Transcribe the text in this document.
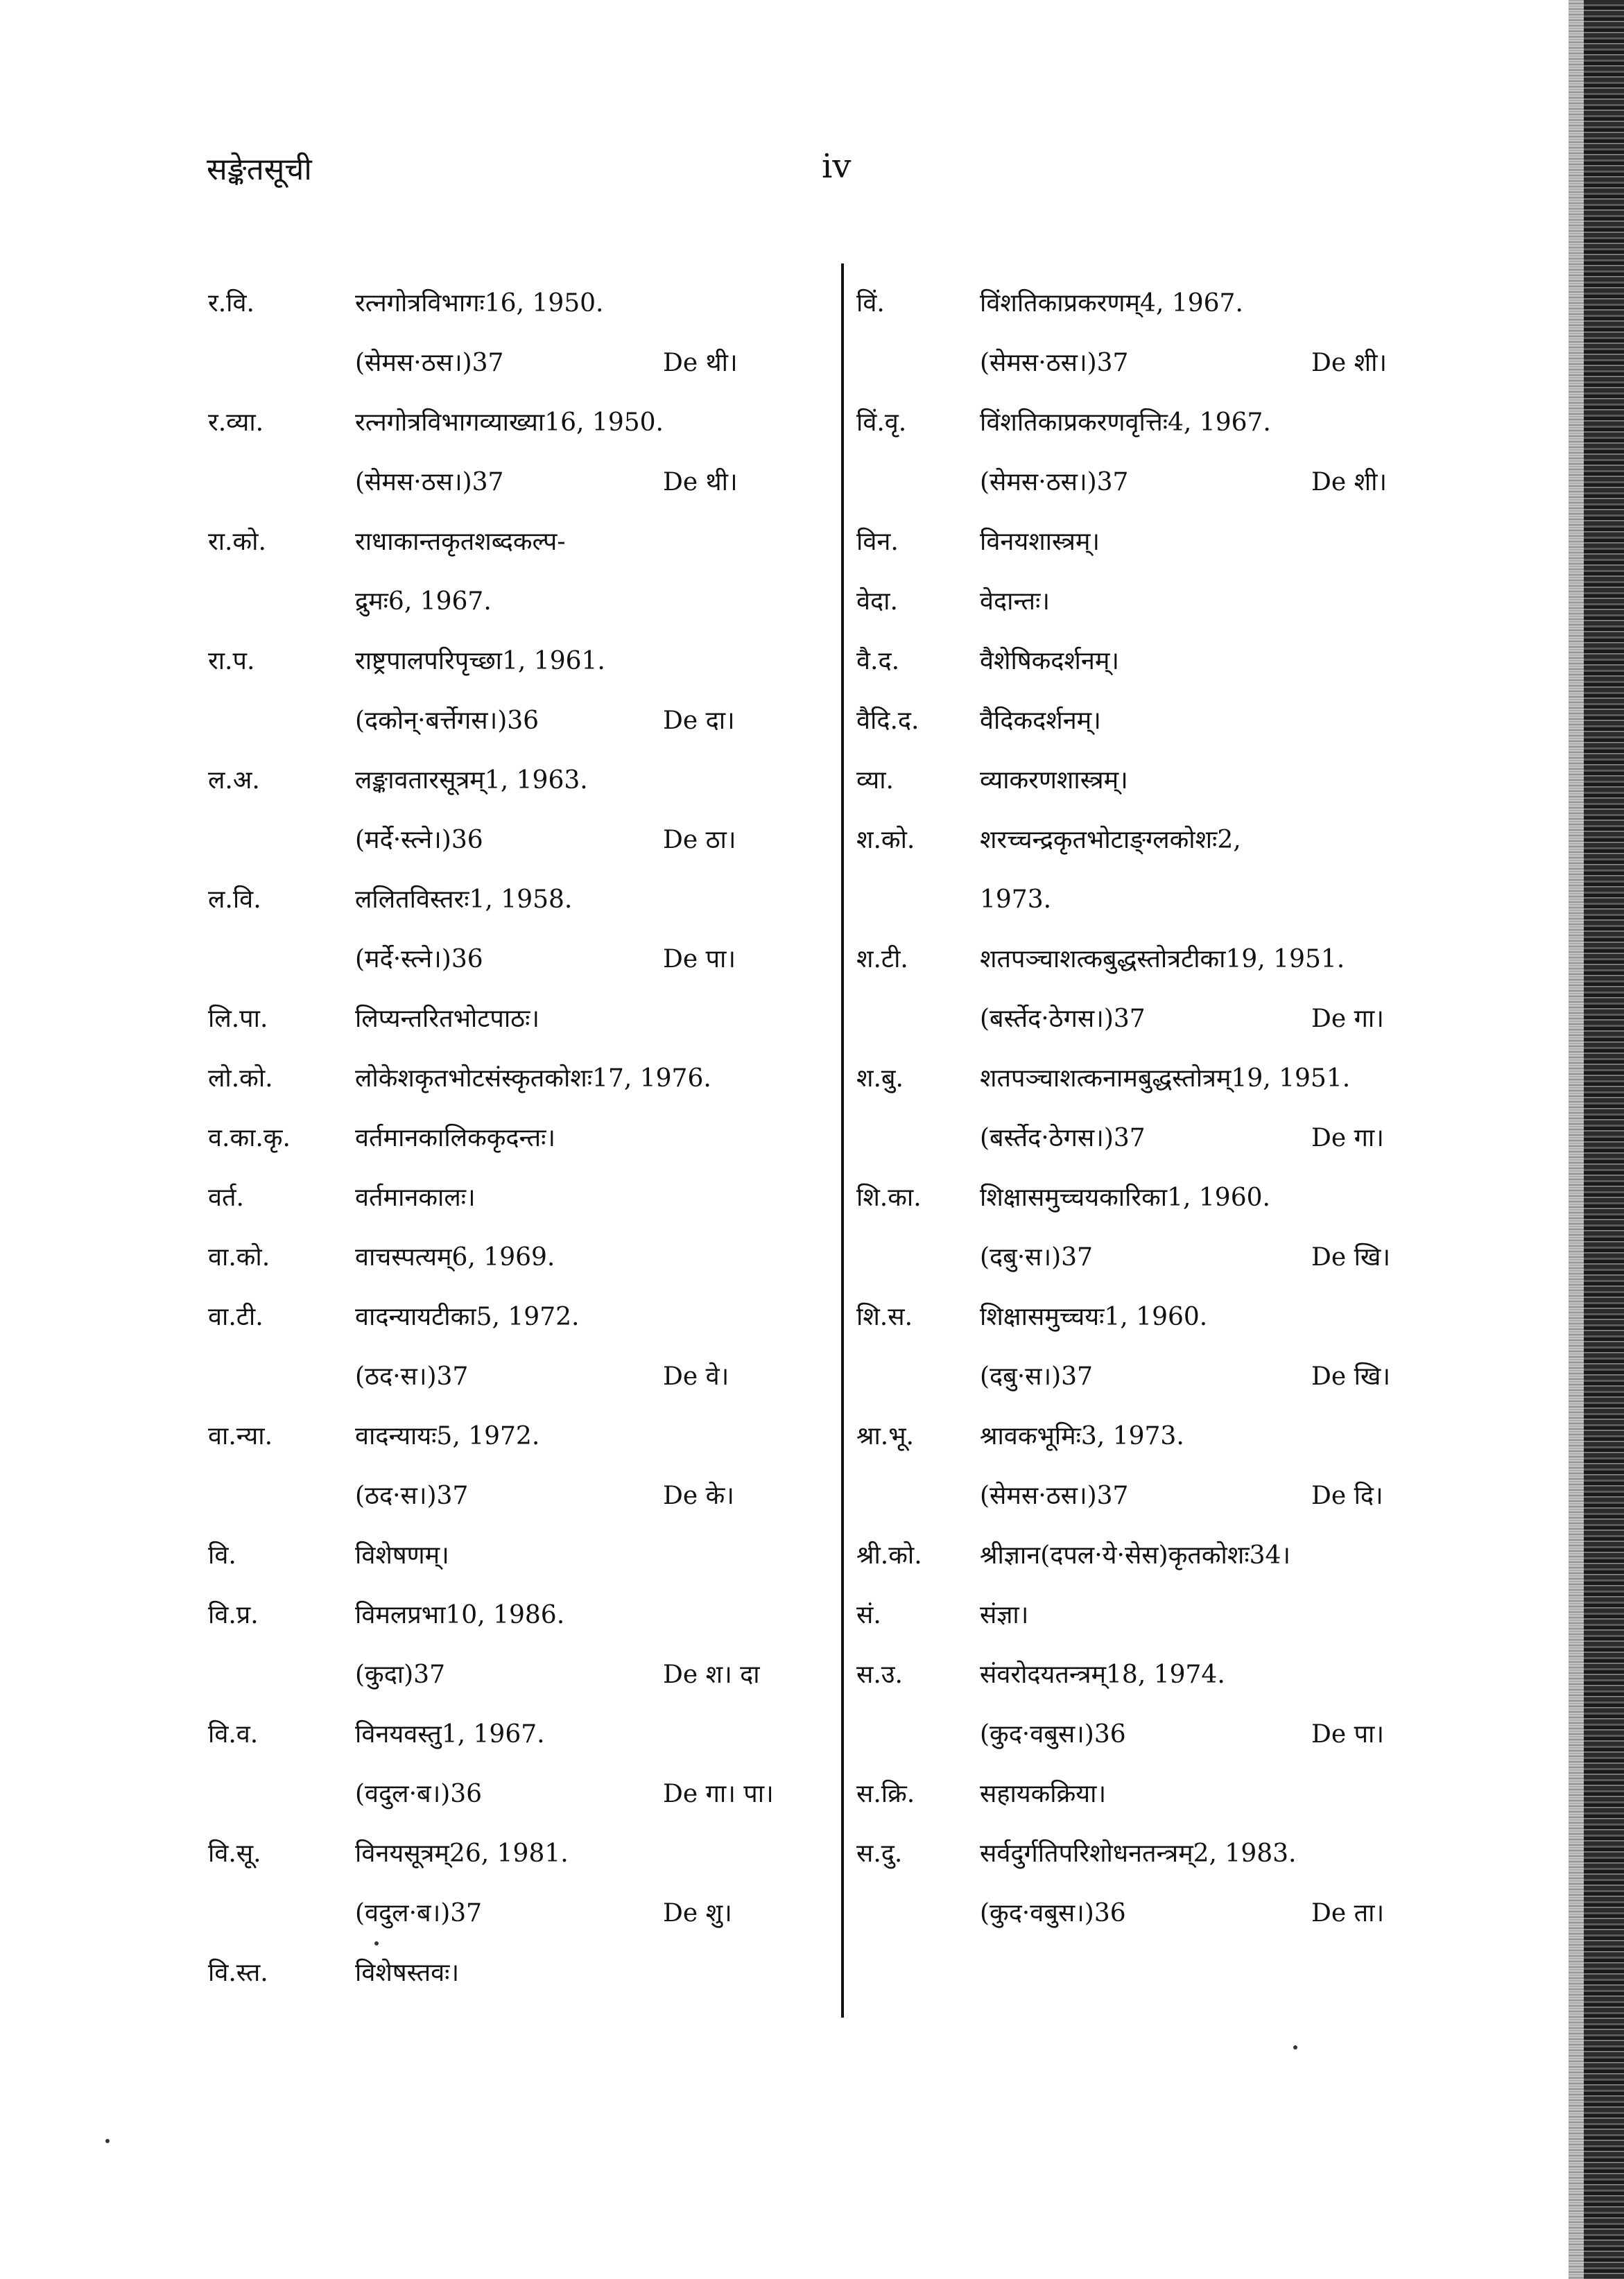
सङ्केतसूची	iv
र.वि.	रत्नगोत्रविभागः16, 1950.
(सेमस·ठस।)37	De थी।
र.व्या.	रत्नगोत्रविभागव्याख्या16, 1950.
(सेमस·ठस।)37	De थी।
रा.को.	राधाकान्तकृतशब्दकल्प-
द्रुमः6, 1967.
रा.प.	राष्ट्रपालपरिपृच्छा1, 1961.
(दकोन्·बर्त्तेगस।)36	De दा।
ल.अ.	लङ्कावतारसूत्रम्1, 1963.
(मर्दे·स्त्ने।)36	De ठा।
ल.वि.	ललितविस्तरः1, 1958.
(मर्दे·स्त्ने।)36	De पा।
लि.पा.	लिप्यन्तरितभोटपाठः।
लो.को.	लोकेशकृतभोटसंस्कृतकोशः17, 1976.
व.का.कृ.	वर्तमानकालिककृदन्तः।
वर्त.	वर्तमानकालः।
वा.को.	वाचस्पत्यम्6, 1969.
वा.टी.	वादन्यायटीका5, 1972.
(ठद·स।)37	De वे।
वा.न्या.	वादन्यायः5, 1972.
(ठद·स।)37	De के।
वि.	विशेषणम्।
वि.प्र.	विमलप्रभा10, 1986.
(कुदा)37	De श। दा
वि.व.	विनयवस्तु1, 1967.
(वदुल·ब।)36	De गा। पा।
वि.सू.	विनयसूत्रम्26, 1981.
(वदुल·ब।)37	De शु।
वि.स्त.	विशेषस्तवः।
विं.	विंशतिकाप्रकरणम्4, 1967.
(सेमस·ठस।)37	De शी।
विं.वृ.	विंशतिकाप्रकरणवृत्तिः4, 1967.
(सेमस·ठस।)37	De शी।
विन.	विनयशास्त्रम्।
वेदा.	वेदान्तः।
वै.द.	वैशेषिकदर्शनम्।
वैदि.द. वैदिकदर्शनम्।
व्या.	व्याकरणशास्त्रम्।
श.को.	शरच्चन्द्रकृतभोटाङ्ग्लकोशः2,
1973.
श.टी.	शतपञ्चाशत्कबुद्धस्तोत्रटीका19, 1951.
(बर्स्तेद·ठेगस।)37	De गा।
श.बु.	शतपञ्चाशत्कनामबुद्धस्तोत्रम्19, 1951.
(बर्स्तेद·ठेगस।)37	De गा।
शि.का. शिक्षासमुच्चयकारिका1, 1960.
(दबु·स।)37	De खि।
शि.स.	शिक्षासमुच्चयः1, 1960.
(दबु·स।)37	De खि।
श्रा.भू.	श्रावकभूमिः3, 1973.
(सेमस·ठस।)37	De दि।
श्री.को. श्रीज्ञान(दपल·ये·सेस)कृतकोशः34।
सं.	संज्ञा।
स.उ.	संवरोदयतन्त्रम्18, 1974.
(कुद·वबुस।)36	De पा।
स.क्रि.	सहायकक्रिया।
स.दु.	सर्वदुर्गतिपरिशोधनतन्त्रम्2, 1983.
(कुद·वबुस।)36	De ता।
